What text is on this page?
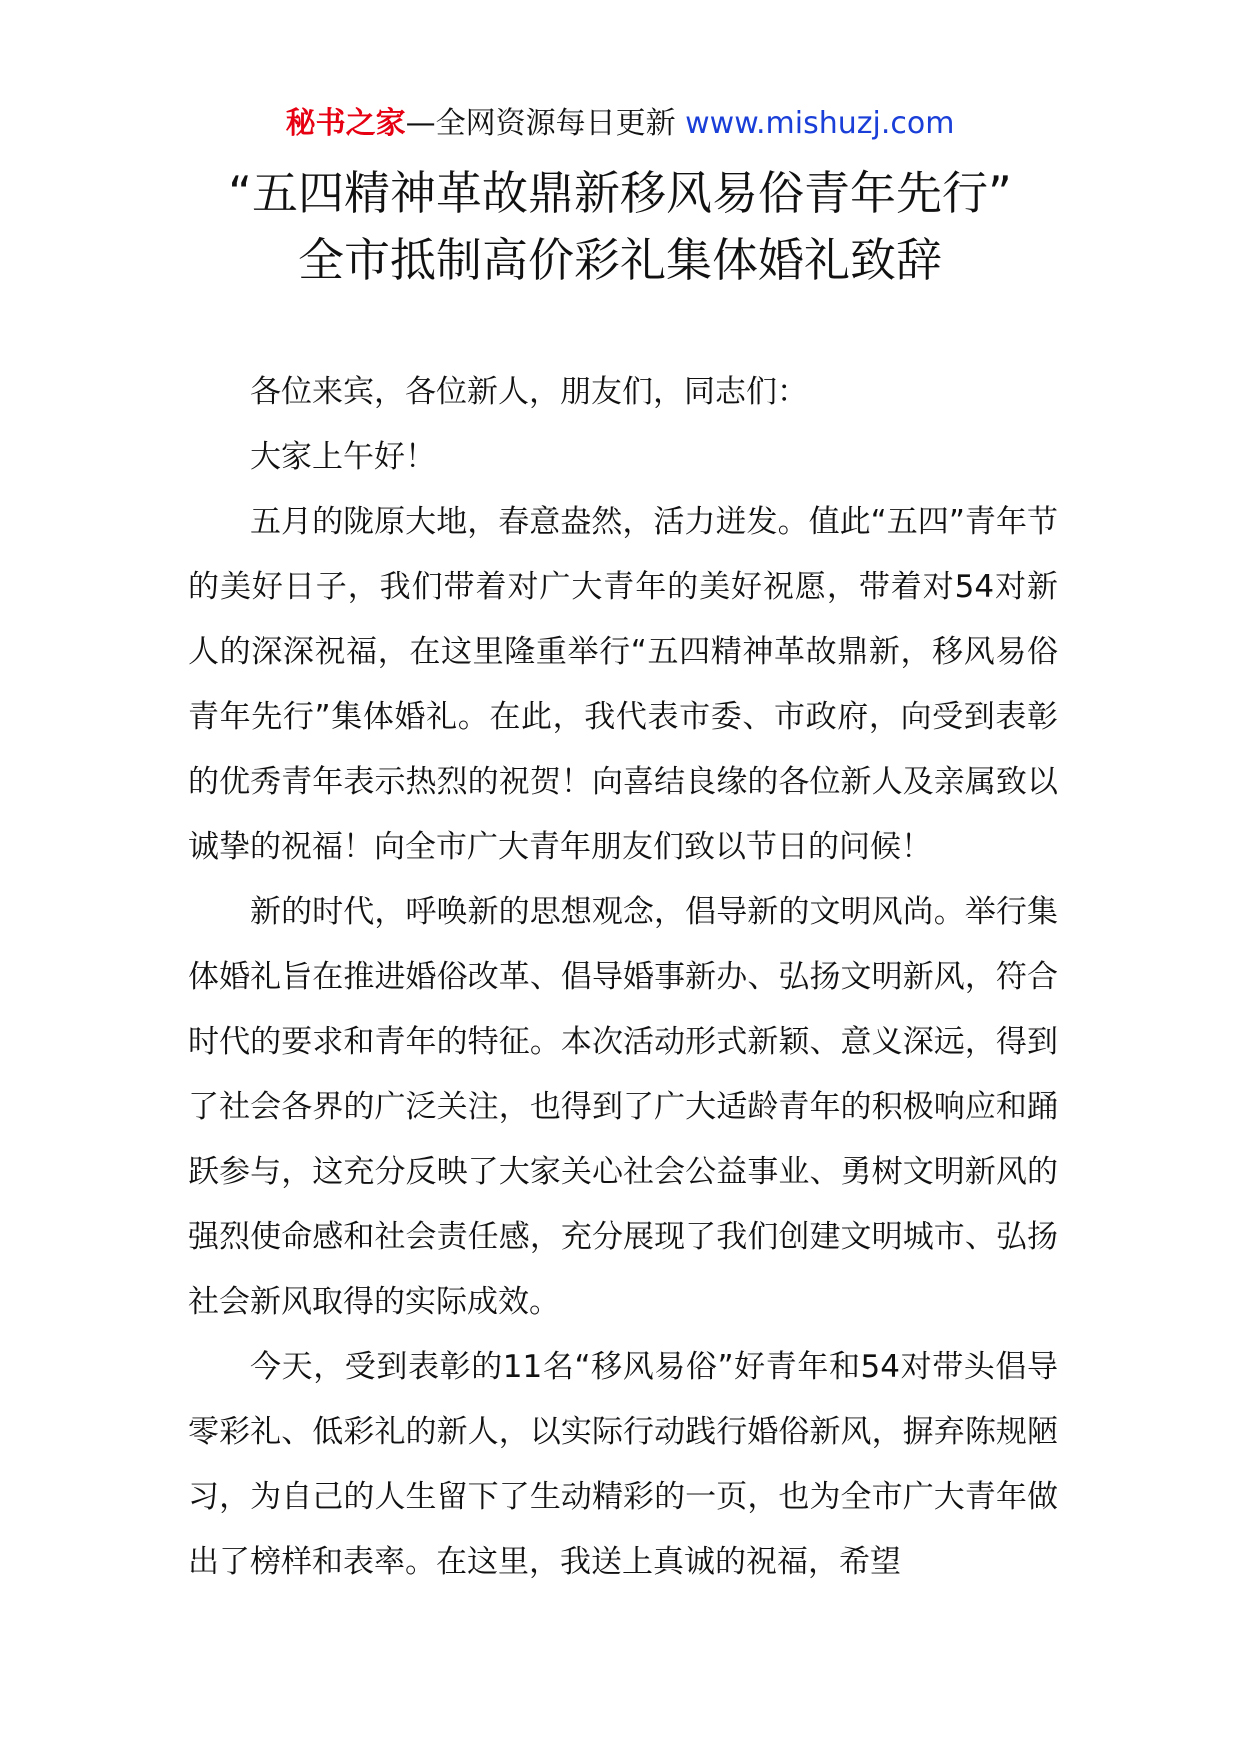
秘书之家—全网资源每日更新 www.mishuzj.com
“五四精神革故鼎新移风易俗青年先行”
全市抵制高价彩礼集体婚礼致辞

各位来宾，各位新人，朋友们，同志们：

大家上午好！

五月的陇原大地，春意盎然，活力迸发。值此“五四”青年节的美好日子，我们带着对广大青年的美好祝愿，带着对54对新人的深深祝福，在这里隆重举行“五四精神革故鼎新，移风易俗青年先行”集体婚礼。在此，我代表市委、市政府，向受到表彰的优秀青年表示热烈的祝贺！向喜结良缘的各位新人及亲属致以诚挚的祝福！向全市广大青年朋友们致以节日的问候！

新的时代，呼唤新的思想观念，倡导新的文明风尚。举行集体婚礼旨在推进婚俗改革、倡导婚事新办、弘扬文明新风，符合时代的要求和青年的特征。本次活动形式新颖、意义深远，得到了社会各界的广泛关注，也得到了广大适龄青年的积极响应和踊跃参与，这充分反映了大家关心社会公益事业、勇树文明新风的强烈使命感和社会责任感，充分展现了我们创建文明城市、弘扬社会新风取得的实际成效。

今天，受到表彰的11名“移风易俗”好青年和54对带头倡导零彩礼、低彩礼的新人，以实际行动践行婚俗新风，摒弃陈规陋习，为自己的人生留下了生动精彩的一页，也为全市广大青年做出了榜样和表率。在这里，我送上真诚的祝福，希望
